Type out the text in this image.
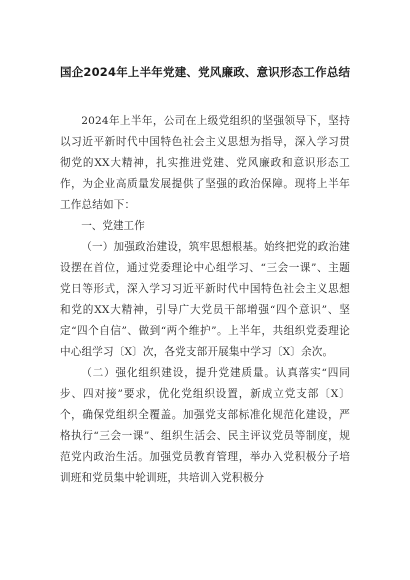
国企2024年上半年党建、党风廉政、意识形态工作总结

2024年上半年，公司在上级党组织的坚强领导下，坚持以习近平新时代中国特色社会主义思想为指导，深入学习贯彻党的XX大精神，扎实推进党建、党风廉政和意识形态工作，为企业高质量发展提供了坚强的政治保障。现将上半年工作总结如下：

一、党建工作

（一）加强政治建设，筑牢思想根基。始终把党的政治建设摆在首位，通过党委理论中心组学习、“三会一课”、主题党日等形式，深入学习习近平新时代中国特色社会主义思想和党的XX大精神，引导广大党员干部增强“四个意识”、坚定“四个自信”、做到“两个维护”。上半年，共组织党委理论中心组学习〔X〕次，各党支部开展集中学习〔X〕余次。

（二）强化组织建设，提升党建质量。认真落实“四同步、四对接”要求，优化党组织设置，新成立党支部〔X〕个，确保党组织全覆盖。加强党支部标准化规范化建设，严格执行“三会一课”、组织生活会、民主评议党员等制度，规范党内政治生活。加强党员教育管理，举办入党积极分子培训班和党员集中轮训班，共培训入党积极分
